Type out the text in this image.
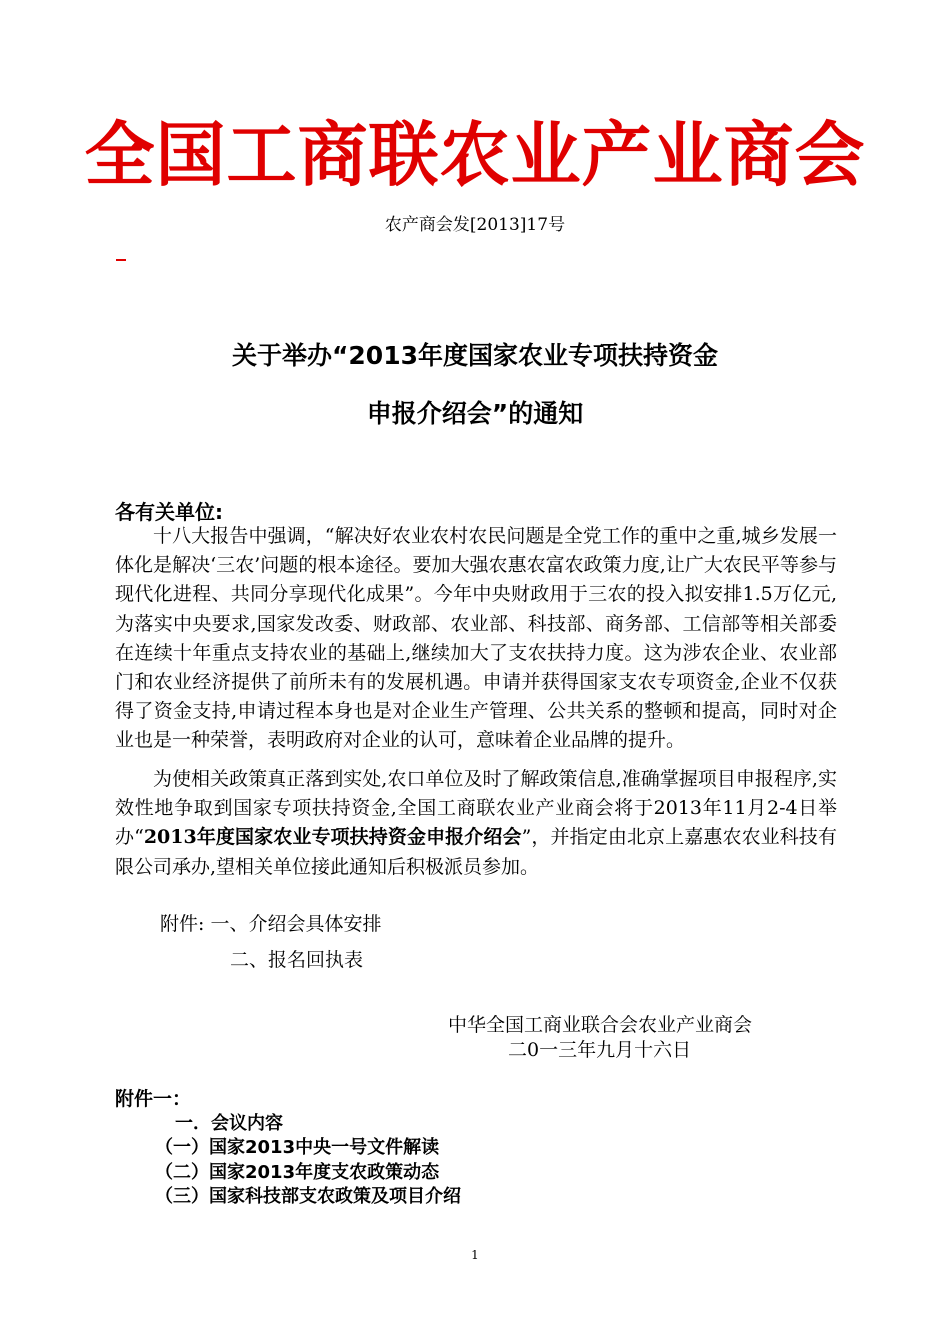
全国工商联农业产业商会
农产商会发[2013]17号
关于举办“2013年度国家农业专项扶持资金
申报介绍会”的通知
各有关单位:

十八大报告中强调，“解决好农业农村农民问题是全党工作的重中之重,城乡发展一体化是解决‘三农’问题的根本途径。要加大强农惠农富农政策力度,让广大农民平等参与现代化进程、共同分享现代化成果”。今年中央财政用于三农的投入拟安排1.5万亿元,为落实中央要求,国家发改委、财政部、农业部、科技部、商务部、工信部等相关部委在连续十年重点支持农业的基础上,继续加大了支农扶持力度。这为涉农企业、农业部门和农业经济提供了前所未有的发展机遇。申请并获得国家支农专项资金,企业不仅获得了资金支持,申请过程本身也是对企业生产管理、公共关系的整顿和提高，同时对企业也是一种荣誉，表明政府对企业的认可，意味着企业品牌的提升。

为使相关政策真正落到实处,农口单位及时了解政策信息,准确掌握项目申报程序,实效性地争取到国家专项扶持资金,全国工商联农业产业商会将于2013年11月2-4日举办“2013年度国家农业专项扶持资金申报介绍会”，并指定由北京上嘉惠农农业科技有限公司承办,望相关单位接此通知后积极派员参加。

附件: 一、介绍会具体安排
二、报名回执表
中华全国工商业联合会农业产业商会
二0一三年九月十六日
附件一：
一．会议内容
（一）国家2013中央一号文件解读
（二）国家2013年度支农政策动态
（三）国家科技部支农政策及项目介绍
1
